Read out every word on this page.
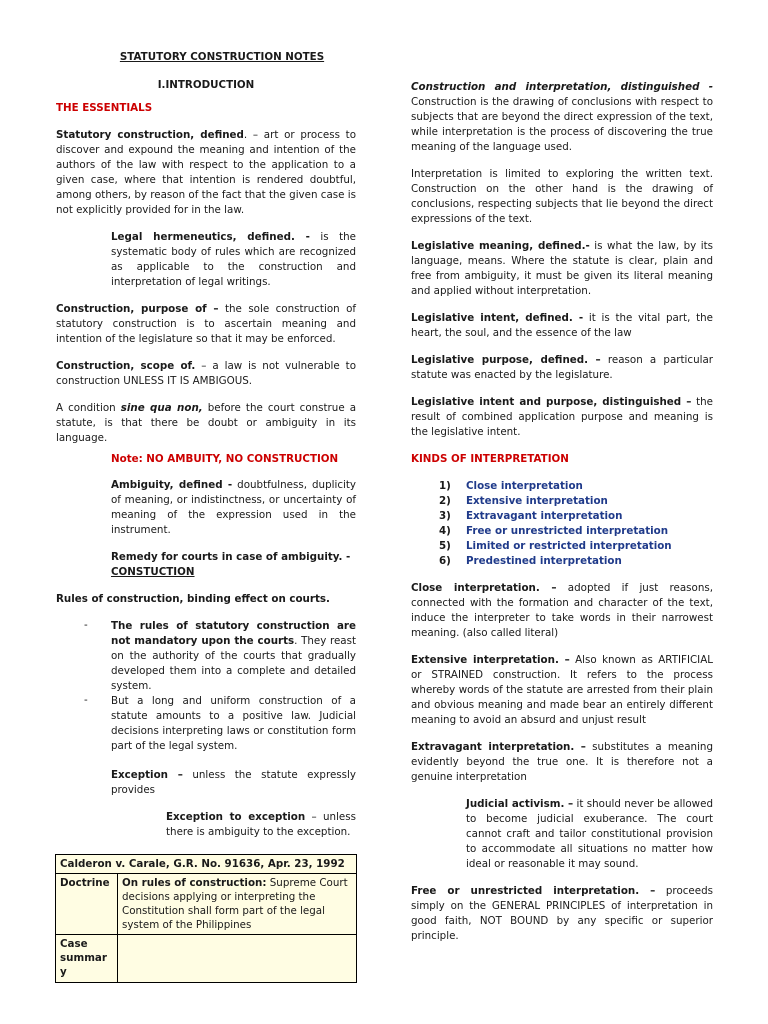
STATUTORY CONSTRUCTION NOTES

I.INTRODUCTION

THE ESSENTIALS

Statutory construction, defined. – art or process to discover and expound the meaning and intention of the authors of the law with respect to the application to a given case, where that intention is rendered doubtful, among others, by reason of the fact that the given case is not explicitly provided for in the law.

Legal hermeneutics, defined. - is the systematic body of rules which are recognized as applicable to the construction and interpretation of legal writings.

Construction, purpose of – the sole construction of statutory construction is to ascertain meaning and intention of the legislature so that it may be enforced.

Construction, scope of. – a law is not vulnerable to construction UNLESS IT IS AMBIGOUS.

A condition sine qua non, before the court construe a statute, is that there be doubt or ambiguity in its language.

Note: NO AMBUITY, NO CONSTRUCTION

Ambiguity, defined - doubtfulness, duplicity of meaning, or indistinctness, or uncertainty of meaning of the expression used in the instrument.

Remedy for courts in case of ambiguity. -

CONSTUCTION

Rules of construction, binding effect on courts.

-	The rules of statutory construction are not mandatory upon the courts. They reast on the authority of the courts that gradually developed them into a complete and detailed system.

-	But a long and uniform construction of a statute amounts to a positive law. Judicial decisions interpreting laws or constitution form part of the legal system.

Exception – unless the statute expressly provides

Exception to exception – unless there is ambiguity to the exception.

Calderon v. Carale, G.R. No. 91636, Apr. 23, 1992	
Doctrine	On rules of construction: Supreme Court decisions applying or interpreting the Constitution shall form part of the legal system of the Philippines
Case summar y	

Construction and interpretation, distinguished - Construction is the drawing of conclusions with respect to subjects that are beyond the direct expression of the text, while interpretation is the process of discovering the true meaning of the language used.

Interpretation is limited to exploring the written text. Construction on the other hand is the drawing of conclusions, respecting subjects that lie beyond the direct expressions of the text.

Legislative meaning, defined.- is what the law, by its language, means. Where the statute is clear, plain and free from ambiguity, it must be given its literal meaning and applied without interpretation.

Legislative intent, defined. - it is the vital part, the heart, the soul, and the essence of the law

Legislative purpose, defined. – reason a particular statute was enacted by the legislature.

Legislative intent and purpose, distinguished – the result of combined application purpose and meaning is the legislative intent.

KINDS OF INTERPRETATION

1)	Close interpretation
2)	Extensive interpretation
3)	Extravagant interpretation
4)	Free or unrestricted interpretation
5)	Limited or restricted interpretation
6)	Predestined interpretation

Close interpretation. – adopted if just reasons, connected with the formation and character of the text, induce the interpreter to take words in their narrowest meaning. (also called literal)

Extensive interpretation. – Also known as ARTIFICIAL or STRAINED construction. It refers to the process whereby words of the statute are arrested from their plain and obvious meaning and made bear an entirely different meaning to avoid an absurd and unjust result

Extravagant interpretation. – substitutes a meaning evidently beyond the true one. It is therefore not a genuine interpretation

Judicial activism. – it should never be allowed to become judicial exuberance. The court cannot craft and tailor constitutional provision to accommodate all situations no matter how ideal or reasonable it may sound.

Free or unrestricted interpretation. – proceeds simply on the GENERAL PRINCIPLES of interpretation in good faith, NOT BOUND by any specific or superior principle.
